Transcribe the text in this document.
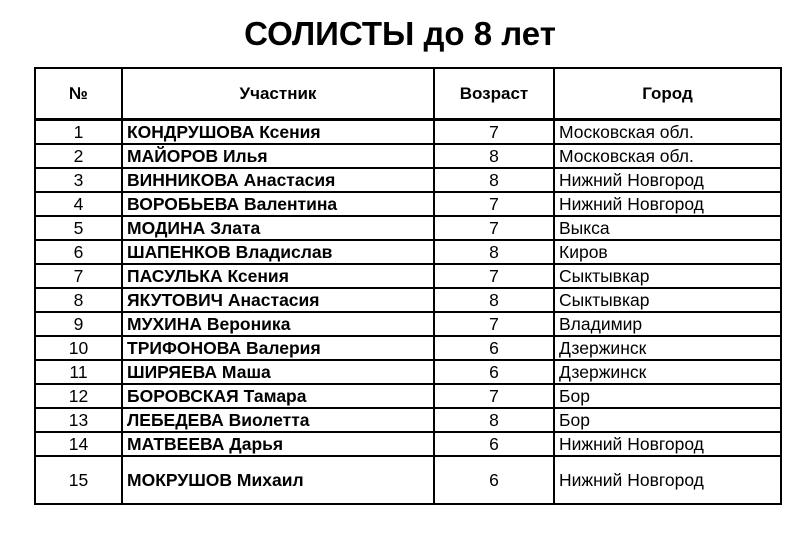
СОЛИСТЫ до 8 лет
№	Участник	Возраст	Город
1	КОНДРУШОВА Ксения	7	Московская обл.
2	МАЙОРОВ Илья	8	Московская обл.
3	ВИННИКОВА Анастасия	8	Нижний Новгород
4	ВОРОБЬЕВА Валентина	7	Нижний Новгород
5	МОДИНА Злата	7	Выкса
6	ШАПЕНКОВ Владислав	8	Киров
7	ПАСУЛЬКА Ксения	7	Сыктывкар
8	ЯКУТОВИЧ Анастасия	8	Сыктывкар
9	МУХИНА Вероника	7	Владимир
10	ТРИФОНОВА Валерия	6	Дзержинск
11	ШИРЯЕВА Маша	6	Дзержинск
12	БОРОВСКАЯ Тамара	7	Бор
13	ЛЕБЕДЕВА Виолетта	8	Бор
14	МАТВЕЕВА Дарья	6	Нижний Новгород
15	МОКРУШОВ Михаил	6	Нижний Новгород
